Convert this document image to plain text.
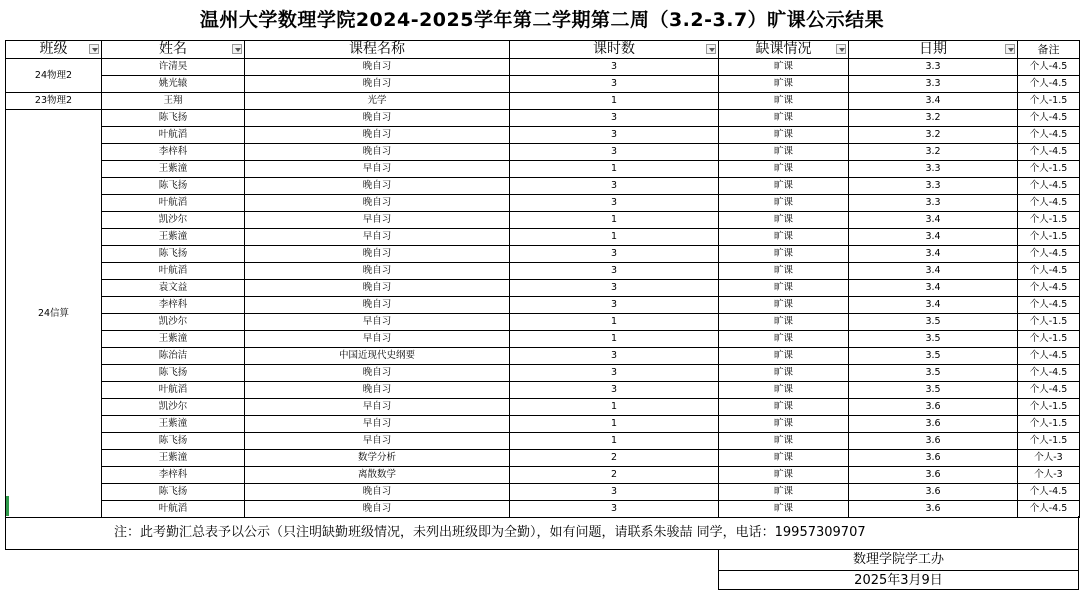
温州大学数理学院2024-2025学年第二学期第二周（3.2-3.7）旷课公示结果
班级	姓名	课程名称	课时数	缺课情况	日期	备注
24物理2	许清昊	晚自习	3	旷课	3.3	个人-4.5
	姚光辕	晚自习	3	旷课	3.3	个人-4.5
23物理2	王翔	光学	1	旷课	3.4	个人-1.5
24信算	陈飞扬	晚自习	3	旷课	3.2	个人-4.5
	叶航滔	晚自习	3	旷课	3.2	个人-4.5
	李梓科	晚自习	3	旷课	3.2	个人-4.5
	王紫潼	早自习	1	旷课	3.3	个人-1.5
	陈飞扬	晚自习	3	旷课	3.3	个人-4.5
	叶航滔	晚自习	3	旷课	3.3	个人-4.5
	凯沙尔	早自习	1	旷课	3.4	个人-1.5
	王紫潼	早自习	1	旷课	3.4	个人-1.5
	陈飞扬	晚自习	3	旷课	3.4	个人-4.5
	叶航滔	晚自习	3	旷课	3.4	个人-4.5
	袁文益	晚自习	3	旷课	3.4	个人-4.5
	李梓科	晚自习	3	旷课	3.4	个人-4.5
	凯沙尔	早自习	1	旷课	3.5	个人-1.5
	王紫潼	早自习	1	旷课	3.5	个人-1.5
	陈治洁	中国近现代史纲要	3	旷课	3.5	个人-4.5
	陈飞扬	晚自习	3	旷课	3.5	个人-4.5
	叶航滔	晚自习	3	旷课	3.5	个人-4.5
	凯沙尔	早自习	1	旷课	3.6	个人-1.5
	王紫潼	早自习	1	旷课	3.6	个人-1.5
	陈飞扬	早自习	1	旷课	3.6	个人-1.5
	王紫潼	数学分析	2	旷课	3.6	个人-3
	李梓科	离散数学	2	旷课	3.6	个人-3
	陈飞扬	晚自习	3	旷课	3.6	个人-4.5
	叶航滔	晚自习	3	旷课	3.6	个人-4.5
注：此考勤汇总表予以公示（只注明缺勤班级情况，未列出班级即为全勤），如有问题，请联系朱骏喆 同学，电话：19957309707
数理学院学工办
2025年3月9日
